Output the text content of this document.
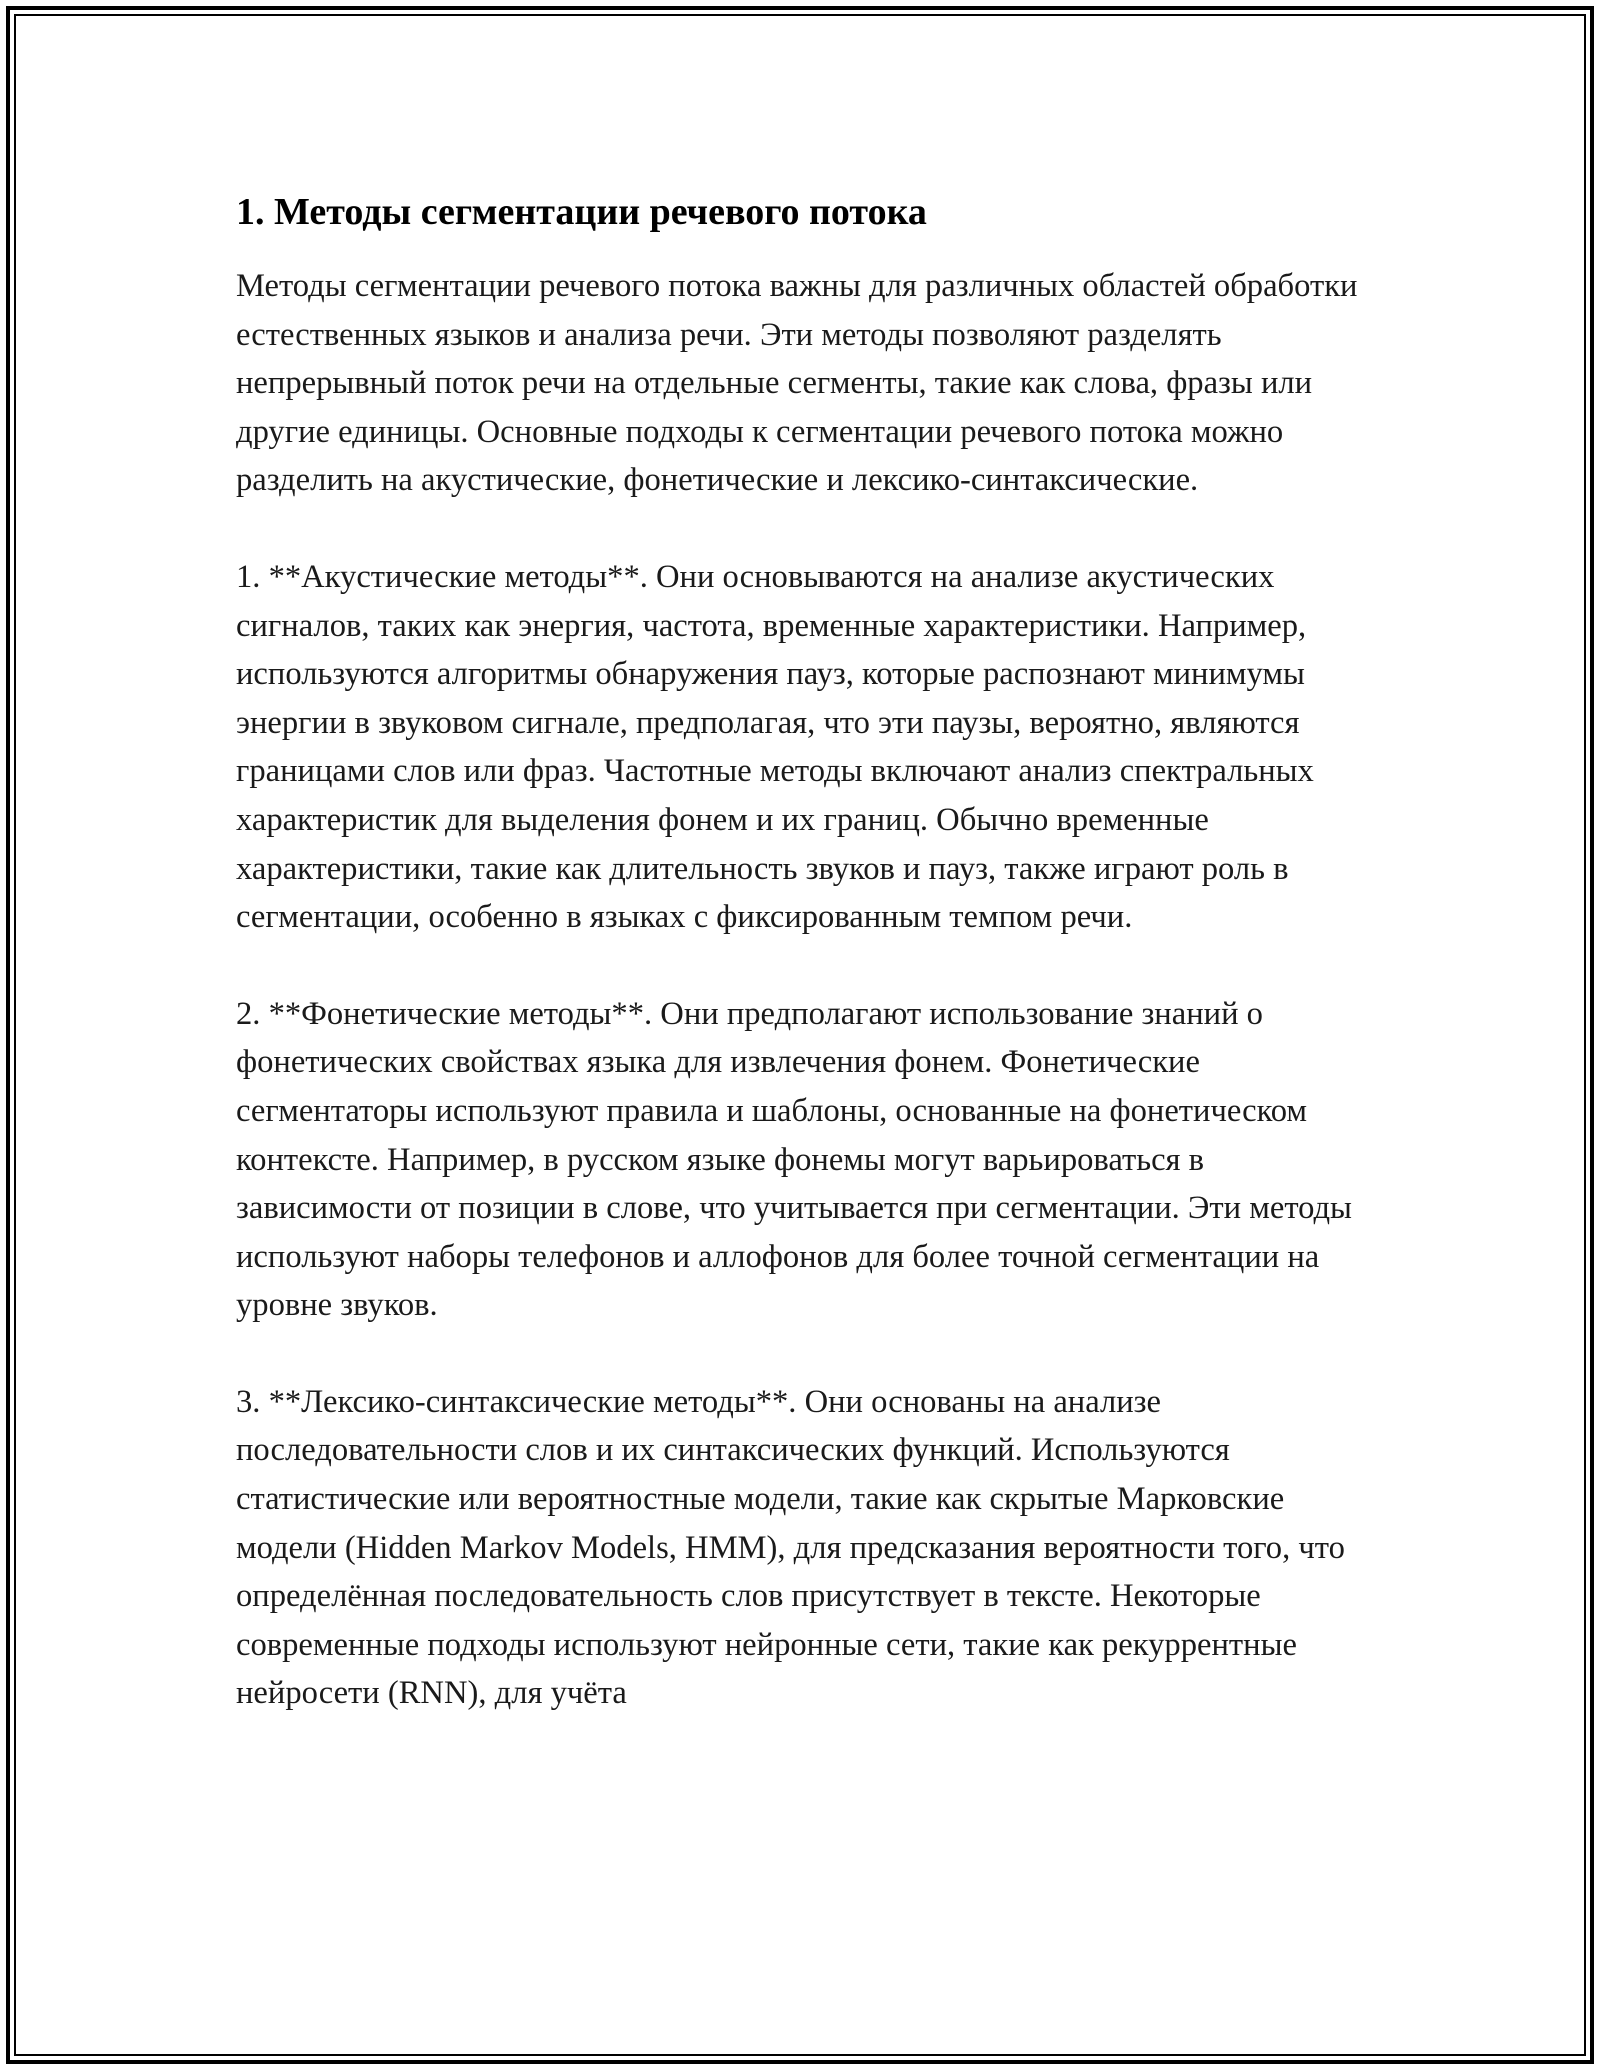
1. Методы сегментации речевого потока

Методы сегментации речевого потока важны для различных областей обработки естественных языков и анализа речи. Эти методы позволяют разделять непрерывный поток речи на отдельные сегменты, такие как слова, фразы или другие единицы. Основные подходы к сегментации речевого потока можно разделить на акустические, фонетические и лексико-синтаксические.

1. **Акустические методы**. Они основываются на анализе акустических сигналов, таких как энергия, частота, временные характеристики. Например, используются алгоритмы обнаружения пауз, которые распознают минимумы энергии в звуковом сигнале, предполагая, что эти паузы, вероятно, являются границами слов или фраз. Частотные методы включают анализ спектральных характеристик для выделения фонем и их границ. Обычно временные характеристики, такие как длительность звуков и пауз, также играют роль в сегментации, особенно в языках с фиксированным темпом речи.

2. **Фонетические методы**. Они предполагают использование знаний о фонетических свойствах языка для извлечения фонем. Фонетические сегментаторы используют правила и шаблоны, основанные на фонетическом контексте. Например, в русском языке фонемы могут варьироваться в зависимости от позиции в слове, что учитывается при сегментации. Эти методы используют наборы телефонов и аллофонов для более точной сегментации на уровне звуков.

3. **Лексико-синтаксические методы**. Они основаны на анализе последовательности слов и их синтаксических функций. Используются статистические или вероятностные модели, такие как скрытые Марковские модели (Hidden Markov Models, HMM), для предсказания вероятности того, что определённая последовательность слов присутствует в тексте. Некоторые современные подходы используют нейронные сети, такие как рекуррентные нейросети (RNN), для учёта
